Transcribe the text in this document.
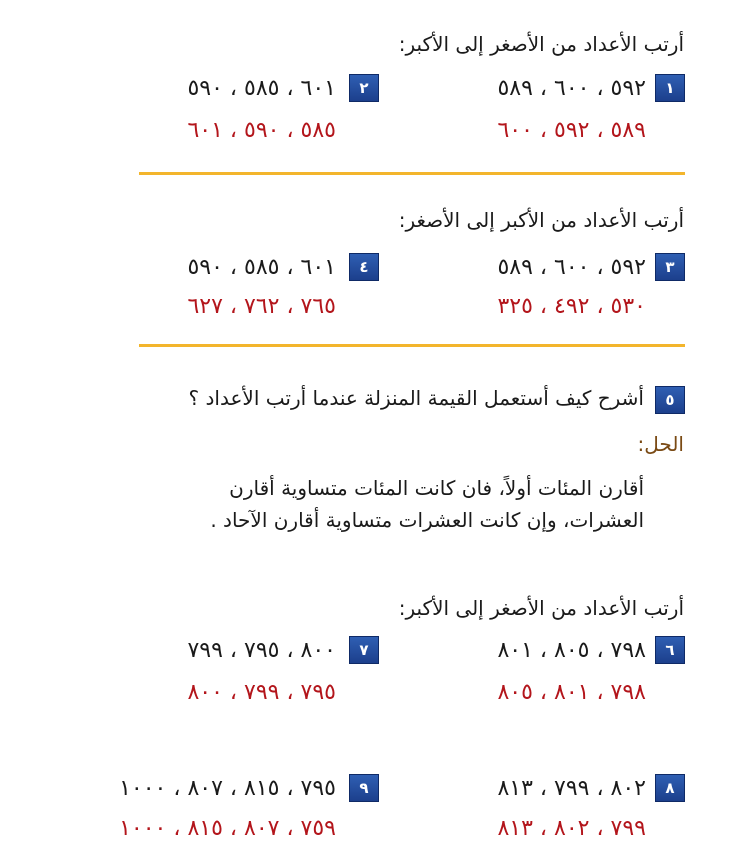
أرتب الأعداد من الأصغر إلى الأكبر:
١
٥٩٢ ، ٦٠٠ ، ٥٨٩
٥٨٩ ، ٥٩٢ ، ٦٠٠
٢
٦٠١ ، ٥٨٥ ، ٥٩٠
٥٨٥ ، ٥٩٠ ، ٦٠١
أرتب الأعداد من الأكبر إلى الأصغر:
٣
٥٩٢ ، ٦٠٠ ، ٥٨٩
٥٣٠ ، ٤٩٢ ، ٣٢٥
٤
٦٠١ ، ٥٨٥ ، ٥٩٠
٧٦٥ ، ٧٦٢ ، ٦٢٧
٥
أشرح كيف أستعمل القيمة المنزلة عندما أرتب الأعداد ؟
الحل:
أقارن المئات أولاً، فان كانت المئات متساوية أقارن
العشرات، وإن كانت العشرات متساوية أقارن الآحاد .
أرتب الأعداد من الأصغر إلى الأكبر:
٦
٧٩٨ ، ٨٠٥ ، ٨٠١
٧٩٨ ، ٨٠١ ، ٨٠٥
٧
٨٠٠ ، ٧٩٥ ، ٧٩٩
٧٩٥ ، ٧٩٩ ، ٨٠٠
٨
٨٠٢ ، ٧٩٩ ، ٨١٣
٧٩٩ ، ٨٠٢ ، ٨١٣
٩
٧٩٥ ، ٨١٥ ، ٨٠٧ ، ١٠٠٠
٧٥٩ ، ٨٠٧ ، ٨١٥ ، ١٠٠٠
